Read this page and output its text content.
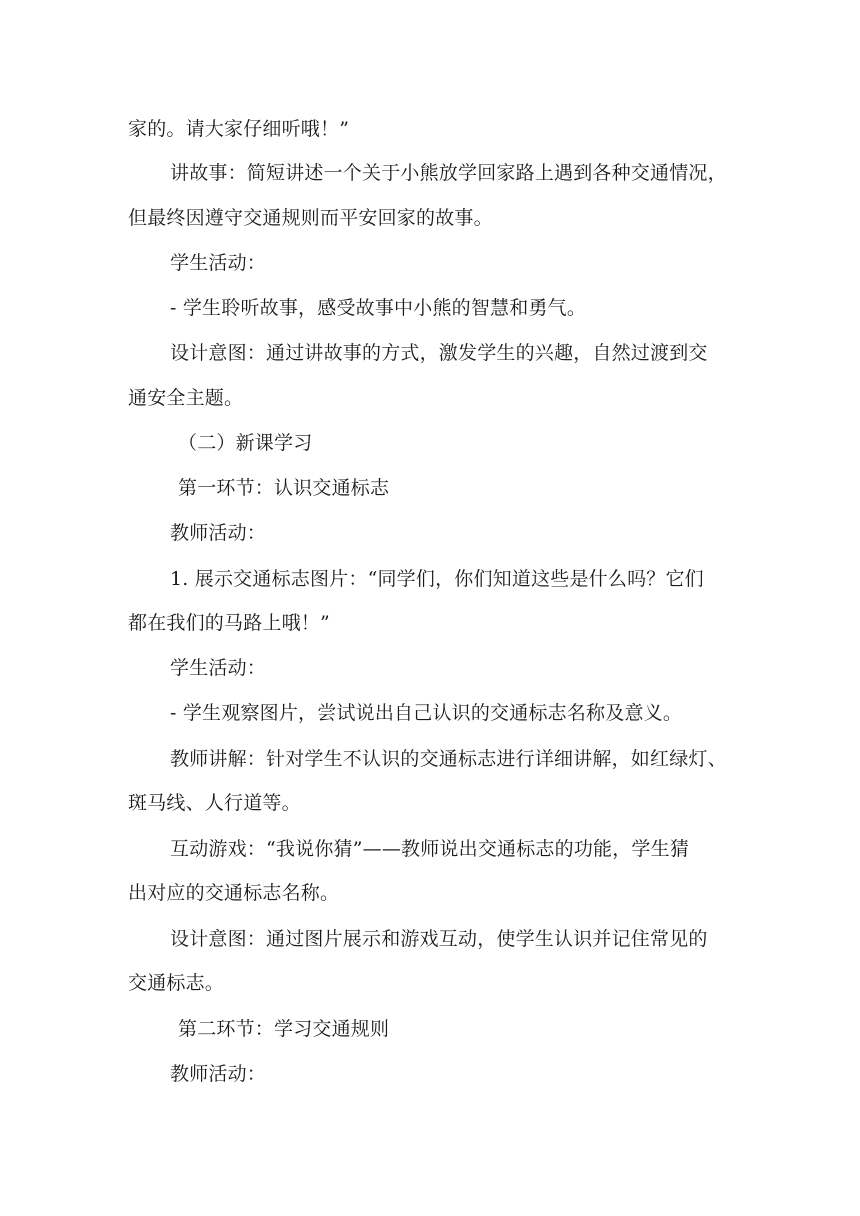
家的。请大家仔细听哦！”
讲故事：简短讲述一个关于小熊放学回家路上遇到各种交通情况，
但最终因遵守交通规则而平安回家的故事。
学生活动：
- 学生聆听故事，感受故事中小熊的智慧和勇气。
设计意图：通过讲故事的方式，激发学生的兴趣，自然过渡到交
通安全主题。
（二）新课学习
第一环节：认识交通标志
教师活动：
1. 展示交通标志图片：“同学们，你们知道这些是什么吗？它们
都在我们的马路上哦！”
学生活动：
- 学生观察图片，尝试说出自己认识的交通标志名称及意义。
教师讲解：针对学生不认识的交通标志进行详细讲解，如红绿灯、
斑马线、人行道等。
互动游戏：“我说你猜”——教师说出交通标志的功能，学生猜
出对应的交通标志名称。
设计意图：通过图片展示和游戏互动，使学生认识并记住常见的
交通标志。
第二环节：学习交通规则
教师活动：
